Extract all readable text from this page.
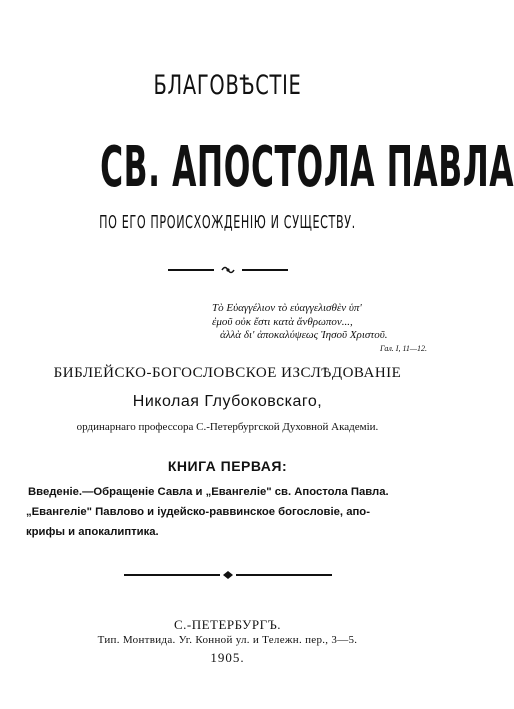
БЛАГОВѢСТІЕ
СВ. АПОСТОЛА ПАВЛА
ПО ЕГО ПРОИСХОЖДЕНІЮ И СУЩЕСТВУ.
Τὸ Εὐαγγέλιον τὸ εὐαγγελισθὲν ὑπ'
ἐμοῦ οὐκ ἔστι κατὰ ἄνθρωπον...,
ἀλλὰ δι' ἀποκαλύψεως Ἰησοῦ Χριστοῦ.
Гал. I, 11—12.
БИБЛЕЙСКО-БОГОСЛОВСКОЕ ИЗСЛѢДОВАНІЕ
Николая Глубоковскаго,
ординарнаго профессора С.-Петербургской Духовной Академіи.
КНИГА ПЕРВАЯ:
Введеніе.—Обращеніе Савла и „Евангеліе" св. Апостола Павла.
„Евангеліе" Павлово и іудейско-раввинское богословіе, апо-
крифы и апокалиптика.
С.-ПЕТЕРБУРГЪ.
Тип. Монтвида. Уг. Конной ул. и Тележн. пер., 3—5.
1905.
